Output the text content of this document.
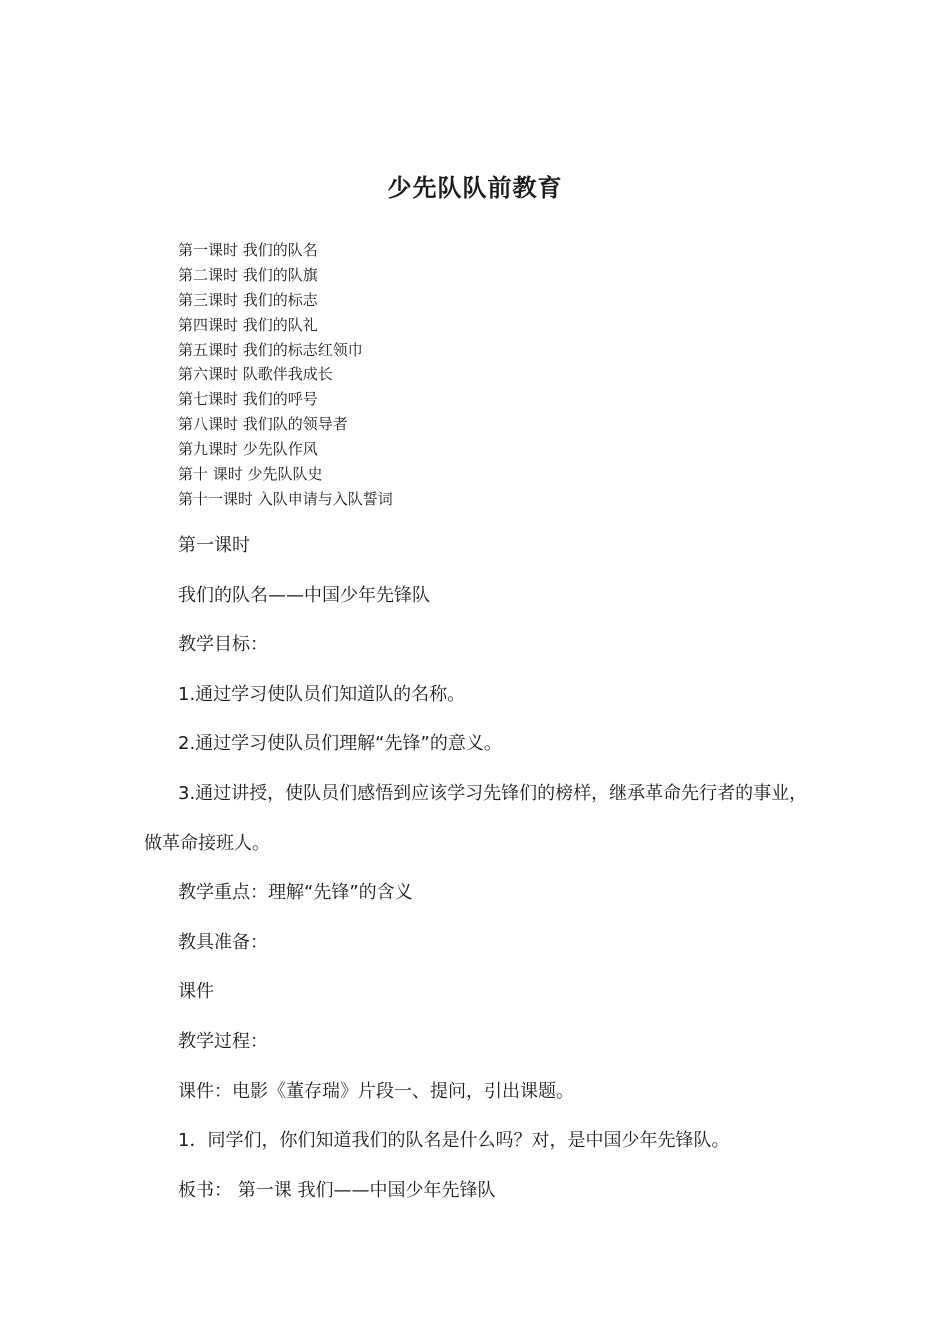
少先队队前教育
第一课时 我们的队名
第二课时 我们的队旗
第三课时 我们的标志
第四课时 我们的队礼
第五课时 我们的标志红领巾
第六课时 队歌伴我成长
第七课时 我们的呼号
第八课时 我们队的领导者
第九课时 少先队作风
第十 课时 少先队队史
第十一课时 入队申请与入队誓词

第一课时

我们的队名——中国少年先锋队

教学目标：

1.通过学习使队员们知道队的名称。

2.通过学习使队员们理解“先锋”的意义。

3.通过讲授，使队员们感悟到应该学习先锋们的榜样，继承革命先行者的事业，做革命接班人。

教学重点：理解“先锋”的含义

教具准备：

课件

教学过程：

课件：电影《董存瑞》片段一、提问，引出课题。

1．同学们，你们知道我们的队名是什么吗？对，是中国少年先锋队。

板书： 第一课 我们——中国少年先锋队
